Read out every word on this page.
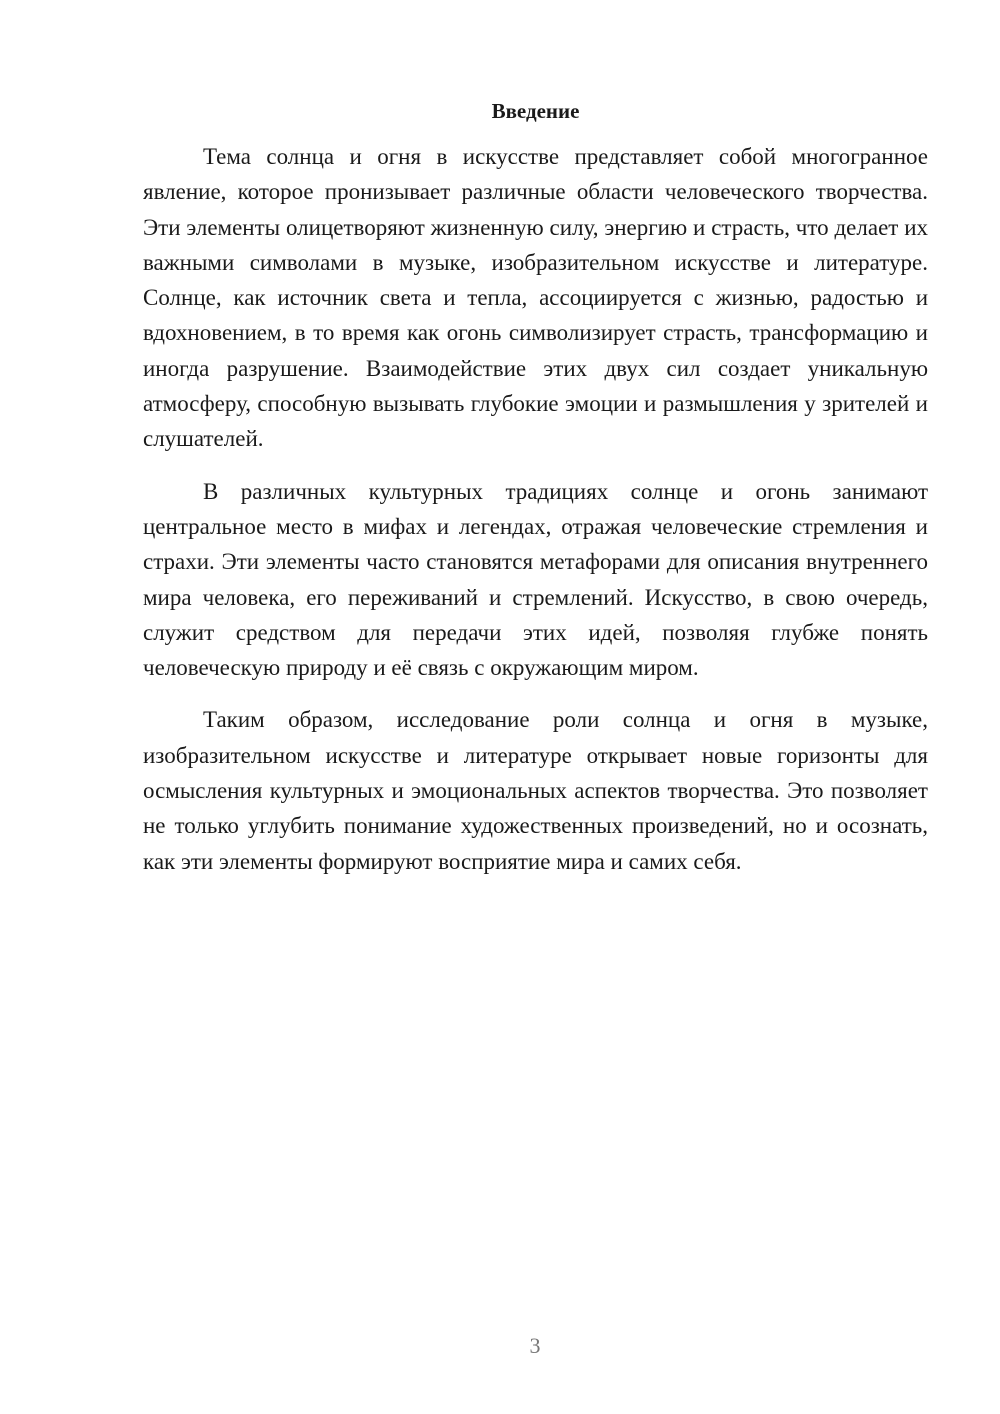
Введение

Тема солнца и огня в искусстве представляет собой многогранное явление, которое пронизывает различные области человеческого творчества. Эти элементы олицетворяют жизненную силу, энергию и страсть, что делает их важными символами в музыке, изобразительном искусстве и литературе. Солнце, как источник света и тепла, ассоциируется с жизнью, радостью и вдохновением, в то время как огонь символизирует страсть, трансформацию и иногда разрушение. Взаимодействие этих двух сил создает уникальную атмосферу, способную вызывать глубокие эмоции и размышления у зрителей и слушателей.

В различных культурных традициях солнце и огонь занимают центральное место в мифах и легендах, отражая человеческие стремления и страхи. Эти элементы часто становятся метафорами для описания внутреннего мира человека, его переживаний и стремлений. Искусство, в свою очередь, служит средством для передачи этих идей, позволяя глубже понять человеческую природу и её связь с окружающим миром.

Таким образом, исследование роли солнца и огня в музыке, изобразительном искусстве и литературе открывает новые горизонты для осмысления культурных и эмоциональных аспектов творчества. Это позволяет не только углубить понимание художественных произведений, но и осознать, как эти элементы формируют восприятие мира и самих себя.

3
